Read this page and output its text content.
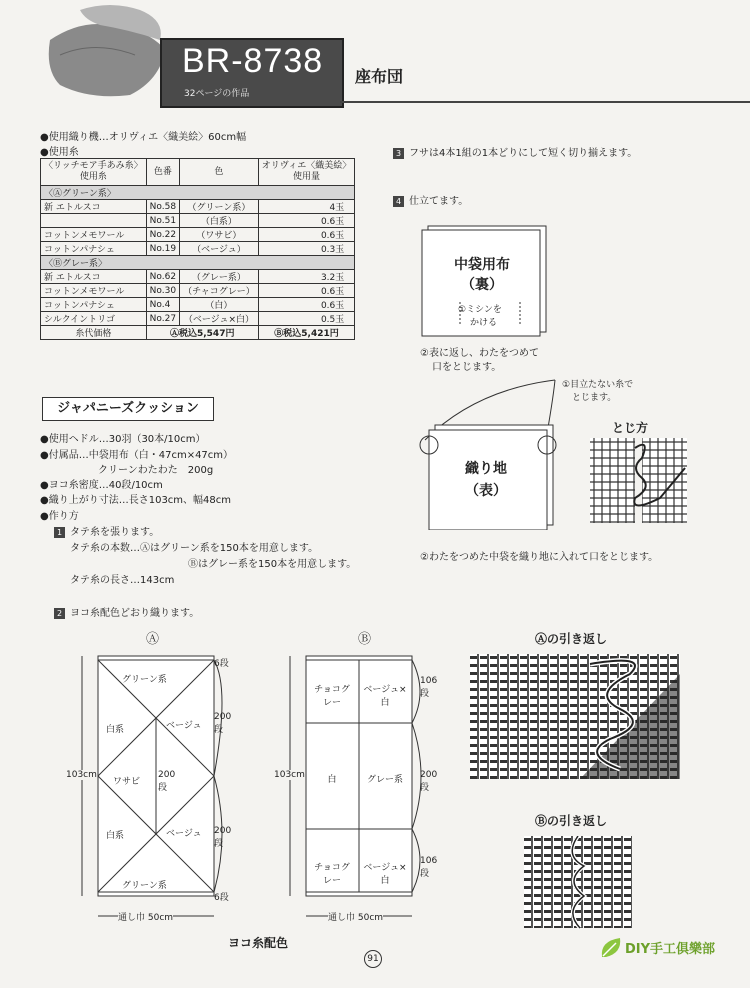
BR-8738
32ページの作品
座布団
●使用織り機…オリヴィエ〈織美絵〉60cm幅
●使用糸
〈リッチモア手あみ糸〉
使用糸	色番	色	オリヴィエ〈織美絵〉
使用量
〈Ⓐグリーン系〉			
新 エトルスコ	No.58	（グリーン系）	4玉
	No.51	（白系）	0.6玉
コットンメモワール	No.22	（ワサビ）	0.6玉
コットンパナシェ	No.19	（ベージュ）	0.3玉
〈Ⓑグレー系〉			
新 エトルスコ	No.62	（グレー系）	3.2玉
コットンメモワール	No.30	（チャコグレー）	0.6玉
コットンパナシェ	No.4	（白）	0.6玉
シルクイントリゴ	No.27	（ベージュ×白）	0.5玉
糸代価格	Ⓐ税込5,547円		Ⓑ税込5,421円
ジャパニーズクッション
●使用ヘドル…30羽（30本/10cm）
●付属品…中袋用布（白・47cm×47cm）
クリーンわたわた　200g
●ヨコ糸密度…40段/10cm
●織り上がり寸法…長さ103cm、幅48cm
●作り方
1 タテ糸を張ります。
タテ糸の本数…Ⓐはグリーン系を150本を用意します。
Ⓑはグレー系を150本を用意します。
タテ糸の長さ…143cm
2 ヨコ糸配色どおり織ります。
3 フサは4本1組の1本どりにして短く切り揃えます。
4 仕立てます。
中袋用布
（裏）
①ミシンを
かける
②表に返し、わたをつめて
口をとじます。
織り地
（表）
①目立たない糸で
とじます。
とじ方
②わたをつめた中袋を織り地に入れて口をとじます。
Ⓐ
グリーン系
白系	ベージュ
ワサビ
200段
白系	ベージュ
グリーン系
6段
200段
200段
6段
103cm
通し巾 50cm
Ⓑ
チョコグレー
ベージュ×白
白	グレー系
チョコグレー
ベージュ×白
106段
200段
106段
103cm
通し巾 50cm
ヨコ糸配色
Ⓐの引き返し
Ⓑの引き返し
91
DIY手工俱樂部
